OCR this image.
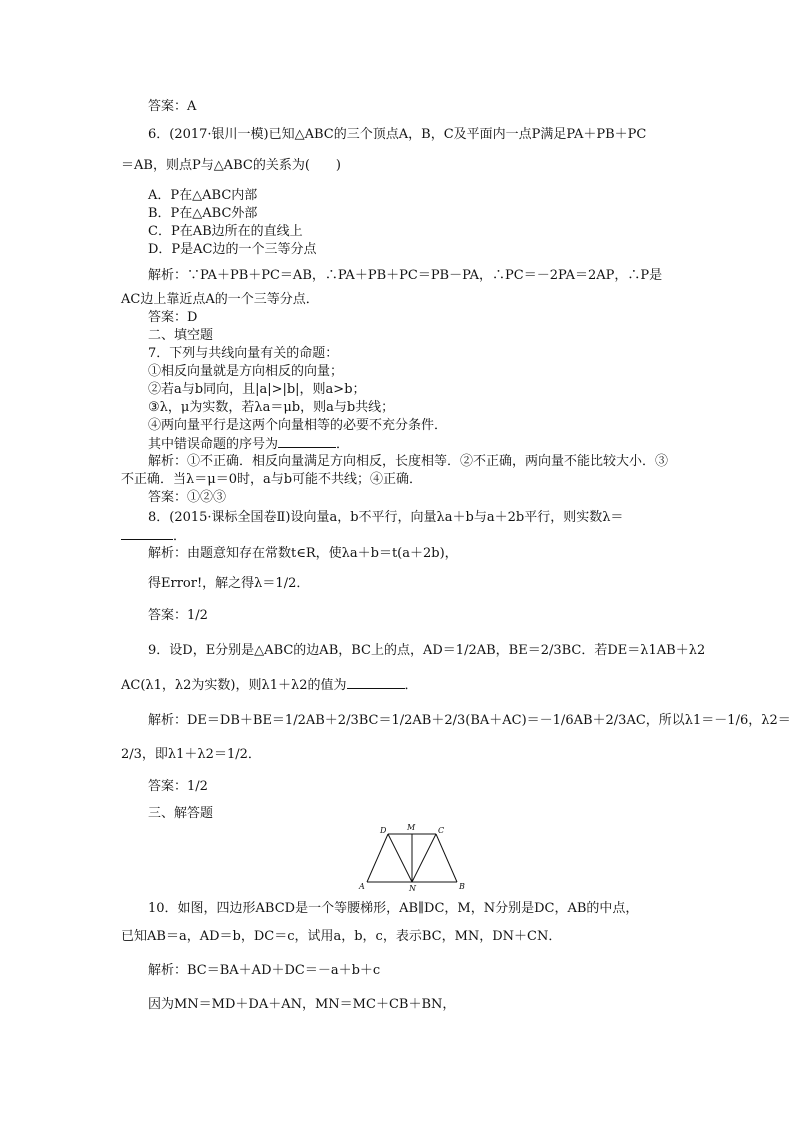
答案：A
6．(2017·银川一模)已知△ABC的三个顶点A，B，C及平面内一点P满足PA＋PB＋PC
＝AB，则点P与△ABC的关系为(　　)
A．P在△ABC内部
B．P在△ABC外部
C．P在AB边所在的直线上
D．P是AC边的一个三等分点
解析：∵PA＋PB＋PC＝AB，∴PA＋PB＋PC＝PB－PA，∴PC＝－2PA＝2AP，∴P是
AC边上靠近点A的一个三等分点．
答案：D
二、填空题
7．下列与共线向量有关的命题：
①相反向量就是方向相反的向量；
②若a与b同向，且|a|>|b|，则a>b；
③λ，μ为实数，若λa＝μb，则a与b共线；
④两向量平行是这两个向量相等的必要不充分条件．
其中错误命题的序号为	．
解析：①不正确．相反向量满足方向相反，长度相等．②不正确，两向量不能比较大小．③
不正确．当λ＝μ＝0时，a与b可能不共线；④正确．
答案：①②③
8．(2015·课标全国卷Ⅱ)设向量a，b不平行，向量λa＋b与a＋2b平行，则实数λ＝
．
解析：由题意知存在常数t∈R，使λa＋b＝t(a＋2b)，
得Error!，解之得λ＝1/2．
答案：1/2
9．设D，E分别是△ABC的边AB，BC上的点，AD＝1/2AB，BE＝2/3BC．若DE＝λ1AB＋λ2
AC(λ1，λ2为实数)，则λ1＋λ2的值为	．
解析：DE＝DB＋BE＝1/2AB＋2/3BC＝1/2AB＋2/3(BA＋AC)＝－1/6AB＋2/3AC，所以λ1＝－1/6，λ2＝
2/3，即λ1＋λ2＝1/2．
答案：1/2
三、解答题
D	M	C
A	N	B
10．如图，四边形ABCD是一个等腰梯形，AB∥DC，M，N分别是DC，AB的中点，
已知AB＝a，AD＝b，DC＝c，试用a，b，c，表示BC，MN，DN＋CN．
解析：BC＝BA＋AD＋DC＝－a＋b＋c
因为MN＝MD＋DA＋AN，MN＝MC＋CB＋BN，
